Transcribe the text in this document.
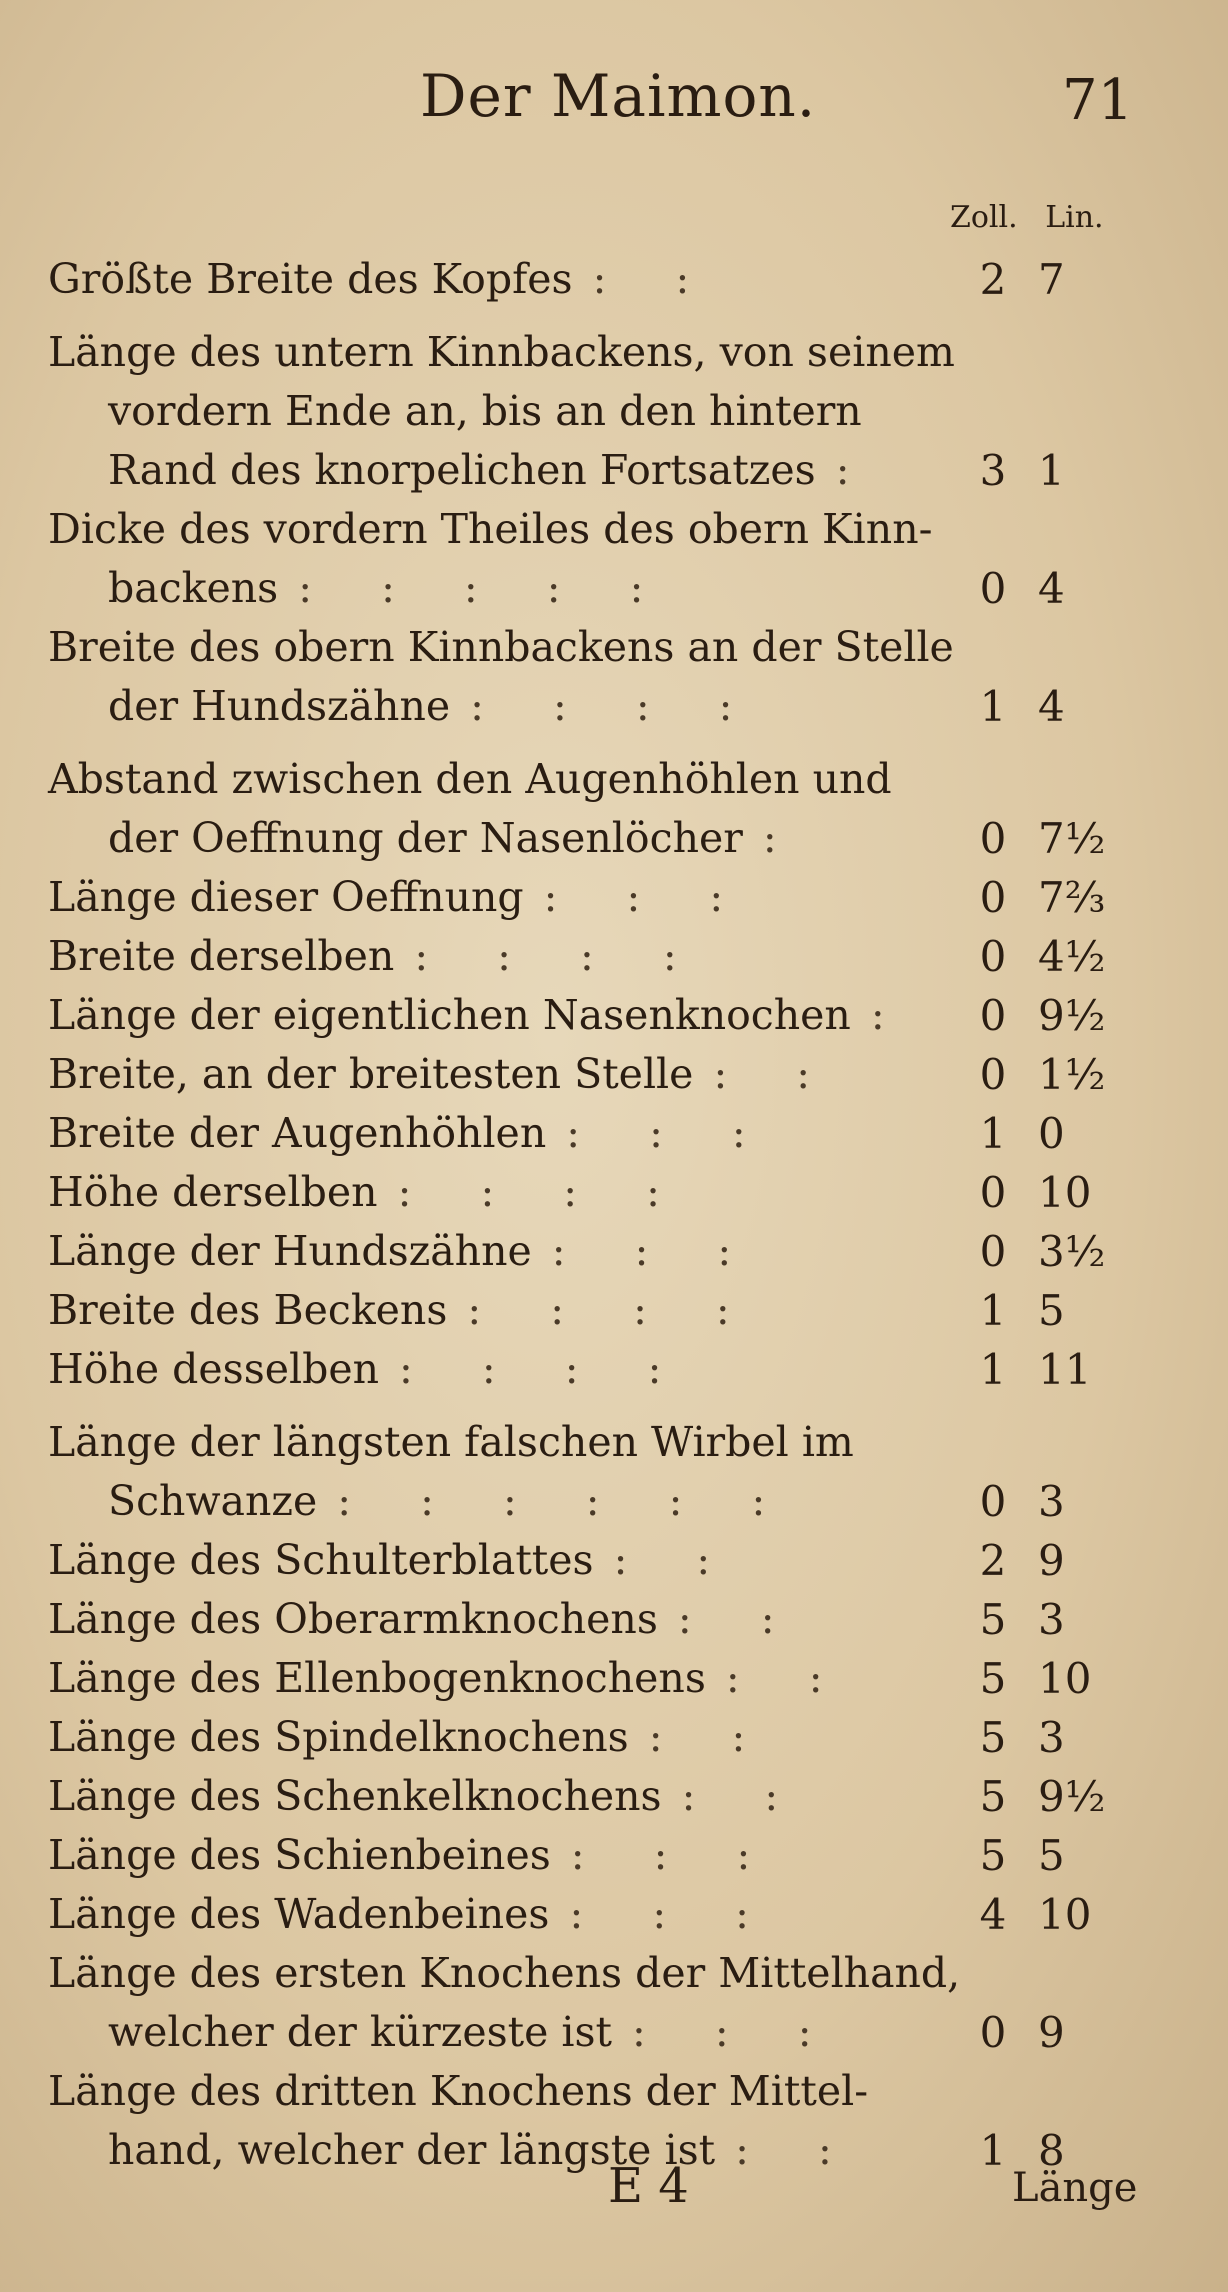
Der Maimon.	71
Zoll. Lin.
Größte Breite des Kopfes : :	2 7
Länge des untern Kinnbackens, von seinem
vordern Ende an, bis an den hintern
Rand des knorpelichen Fortsatzes :	3 1
Dicke des vordern Theiles des obern Kinn-
backens : : : : :	0 4
Breite des obern Kinnbackens an der Stelle
der Hundszähne : : : :	1 4
Abstand zwischen den Augenhöhlen und
der Oeffnung der Nasenlöcher :	0 7½
Länge dieser Oeffnung : : :	0 7⅔
Breite derselben : : : :	0 4½
Länge der eigentlichen Nasenknochen :	0 9½
Breite, an der breitesten Stelle : :	0 1½
Breite der Augenhöhlen : : :	1 0
Höhe derselben : : : :	0 10
Länge der Hundszähne : : :	0 3½
Breite des Beckens : : : :	1 5
Höhe desselben : : : :	1 11
Länge der längsten falschen Wirbel im
Schwanze : : : : : :	0 3
Länge des Schulterblattes : :	2 9
Länge des Oberarmknochens : :	5 3
Länge des Ellenbogenknochens : :	5 10
Länge des Spindelknochens : :	5 3
Länge des Schenkelknochens : :	5 9½
Länge des Schienbeines : : :	5 5
Länge des Wadenbeines : : :	4 10
Länge des ersten Knochens der Mittelhand,
welcher der kürzeste ist : : :	0 9
Länge des dritten Knochens der Mittel-
hand, welcher der längste ist : :	1 8
E 4	Länge
